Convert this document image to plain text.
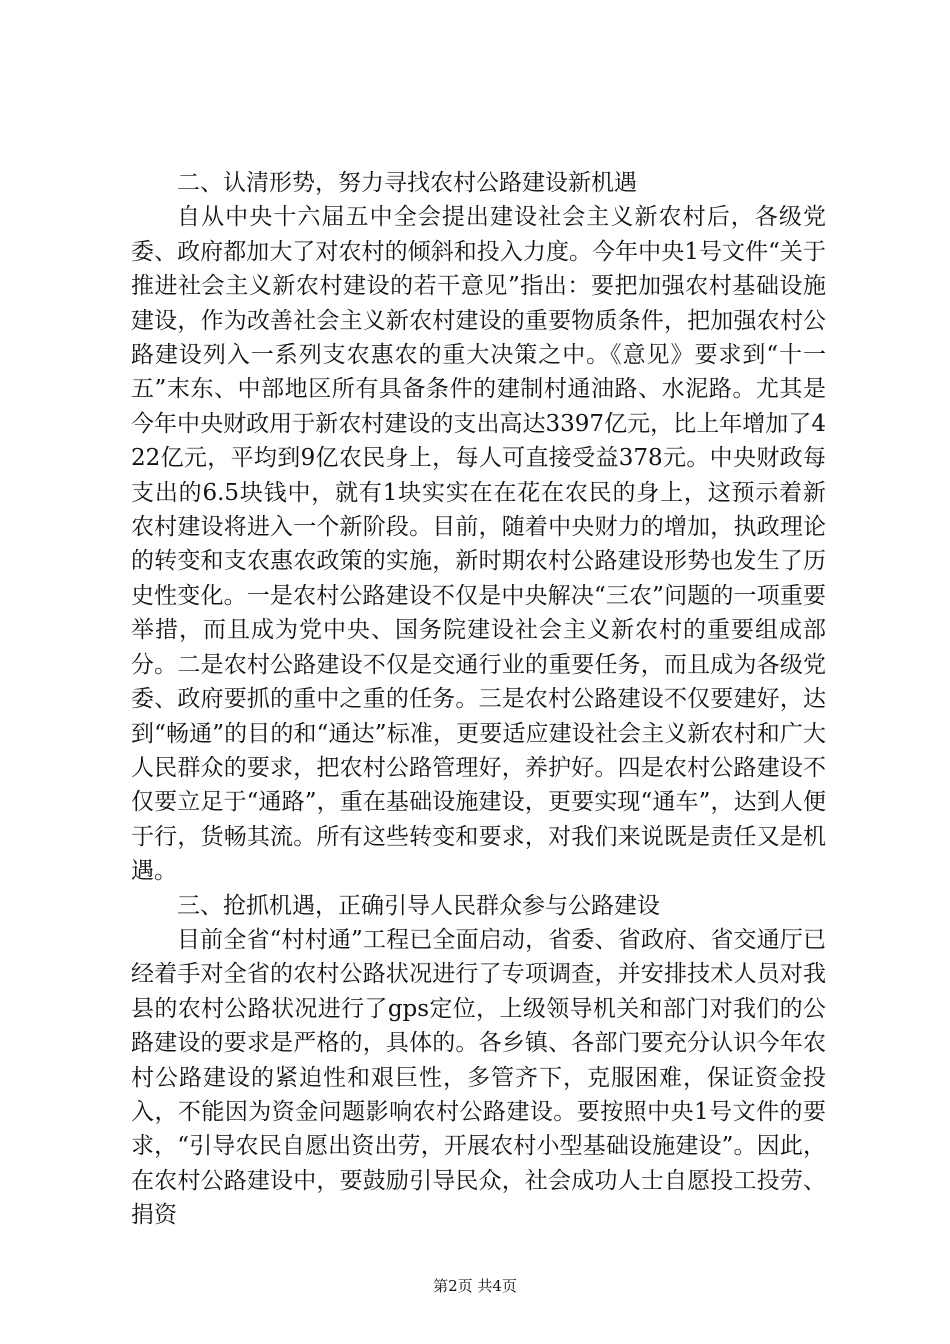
二、认清形势，努力寻找农村公路建设新机遇

自从中央十六届五中全会提出建设社会主义新农村后，各级党委、政府都加大了对农村的倾斜和投入力度。今年中央1号文件“关于推进社会主义新农村建设的若干意见”指出：要把加强农村基础设施建设，作为改善社会主义新农村建设的重要物质条件，把加强农村公路建设列入一系列支农惠农的重大决策之中。《意见》要求到“十一五”末东、中部地区所有具备条件的建制村通油路、水泥路。尤其是今年中央财政用于新农村建设的支出高达3397亿元，比上年增加了422亿元，平均到9亿农民身上，每人可直接受益378元。中央财政每支出的6.5块钱中，就有1块实实在在花在农民的身上，这预示着新农村建设将进入一个新阶段。目前，随着中央财力的增加，执政理论的转变和支农惠农政策的实施，新时期农村公路建设形势也发生了历史性变化。一是农村公路建设不仅是中央解决“三农”问题的一项重要举措，而且成为党中央、国务院建设社会主义新农村的重要组成部分。二是农村公路建设不仅是交通行业的重要任务，而且成为各级党委、政府要抓的重中之重的任务。三是农村公路建设不仅要建好，达到“畅通”的目的和“通达”标准，更要适应建设社会主义新农村和广大人民群众的要求，把农村公路管理好，养护好。四是农村公路建设不仅要立足于“通路”，重在基础设施建设，更要实现“通车”，达到人便于行，货畅其流。所有这些转变和要求，对我们来说既是责任又是机遇。

三、抢抓机遇，正确引导人民群众参与公路建设

目前全省“村村通”工程已全面启动，省委、省政府、省交通厅已经着手对全省的农村公路状况进行了专项调查，并安排技术人员对我县的农村公路状况进行了gps定位，上级领导机关和部门对我们的公路建设的要求是严格的，具体的。各乡镇、各部门要充分认识今年农村公路建设的紧迫性和艰巨性，多管齐下，克服困难，保证资金投入，不能因为资金问题影响农村公路建设。要按照中央1号文件的要求，“引导农民自愿出资出劳，开展农村小型基础设施建设”。因此，在农村公路建设中，要鼓励引导民众，社会成功人士自愿投工投劳、捐资

第2页 共4页
